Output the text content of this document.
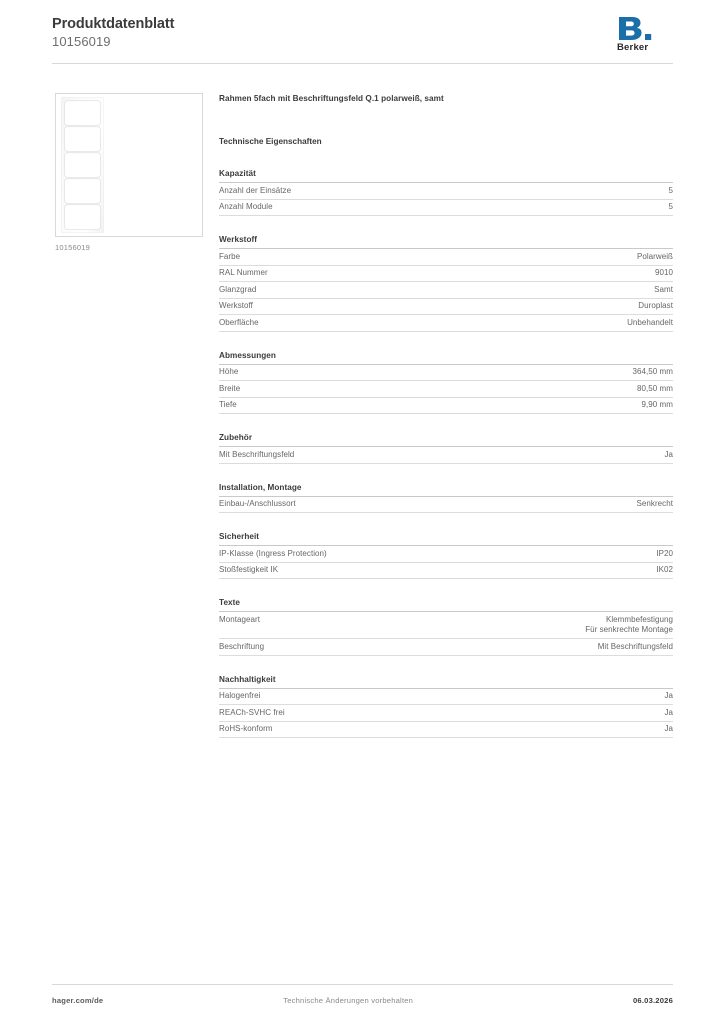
Produktdatenblatt
10156019	Berker
10156019
Rahmen 5fach mit Beschriftungsfeld Q.1 polarweiß, samt
Technische Eigenschaften
Kapazität
Anzahl der Einsätze	5

Anzahl Module	5
Werkstoff
Farbe	Polarweiß

RAL Nummer	9010

Glanzgrad	Samt

Werkstoff	Duroplast

Oberfläche	Unbehandelt
Abmessungen
Höhe	364,50 mm

Breite	80,50 mm

Tiefe	9,90 mm
Zubehör
Mit Beschriftungsfeld	Ja
Installation, Montage
Einbau-/Anschlussort	Senkrecht
Sicherheit
IP-Klasse (Ingress Protection)	IP20

Stoßfestigkeit IK	IK02
Texte
Montageart	Klemmbefestigung
Für senkrechte Montage

Beschriftung	Mit Beschriftungsfeld
Nachhaltigkeit
Halogenfrei	Ja

REACh-SVHC frei	Ja

RoHS-konform	Ja
hager.com/de	Technische Änderungen vorbehalten	06.03.2026
